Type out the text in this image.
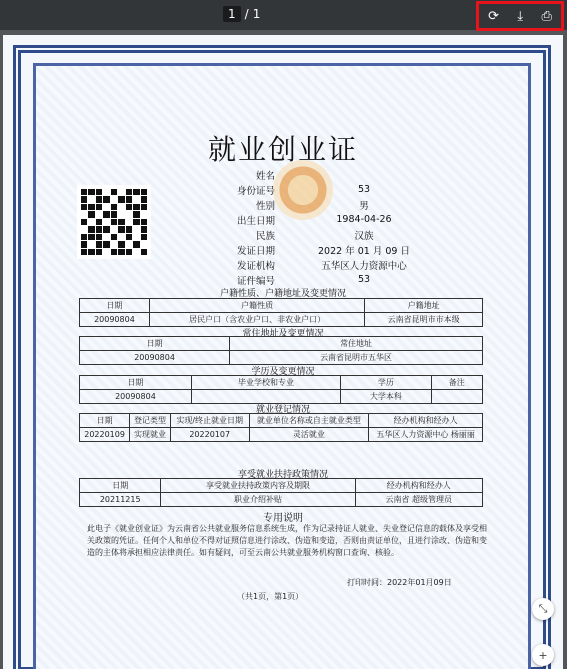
1 / 1	⟳ ⤓ ⎙
就业创业证
姓名
身份证号	53
性别	男
出生日期	1984-04-26
民族	汉族
发证日期	2022 年 01 月 09 日
发证机构	五华区人力资源中心
证件编号	53
户籍性质、户籍地址及变更情况
日期	户籍性质	户籍地址
20090804	居民户口（含农业户口、非农业户口）	云南省昆明市市本级
常住地址及变更情况
日期	常住地址
20090804	云南省昆明市五华区
学历及变更情况
日期	毕业学校和专业	学历	备注
20090804		大学本科	
就业登记情况
日期	登记类型	实现/终止就业日期	就业单位名称或自主就业类型	经办机构和经办人
20220109	实现就业	20220107	灵活就业	五华区人力资源中心 杨丽丽
享受就业扶持政策情况
日期	享受就业扶持政策内容及期限	经办机构和经办人
20211215	职业介绍补贴	云南省 超级管理员
专用说明
此电子《就业创业证》为云南省公共就业服务信息系统生成，作为记录持证人就业、失业登记信息的载体及享受相关政策的凭证。任何个人和单位不得对证照信息进行涂改、伪造和变造，否则由责证单位，且进行涂改、伪造和变造的主体将承担相应法律责任。如有疑问，可至云南公共就业服务机构窗口查询、核验。
打印时间：2022年01月09日
（共1页，第1页）
⤡
+
